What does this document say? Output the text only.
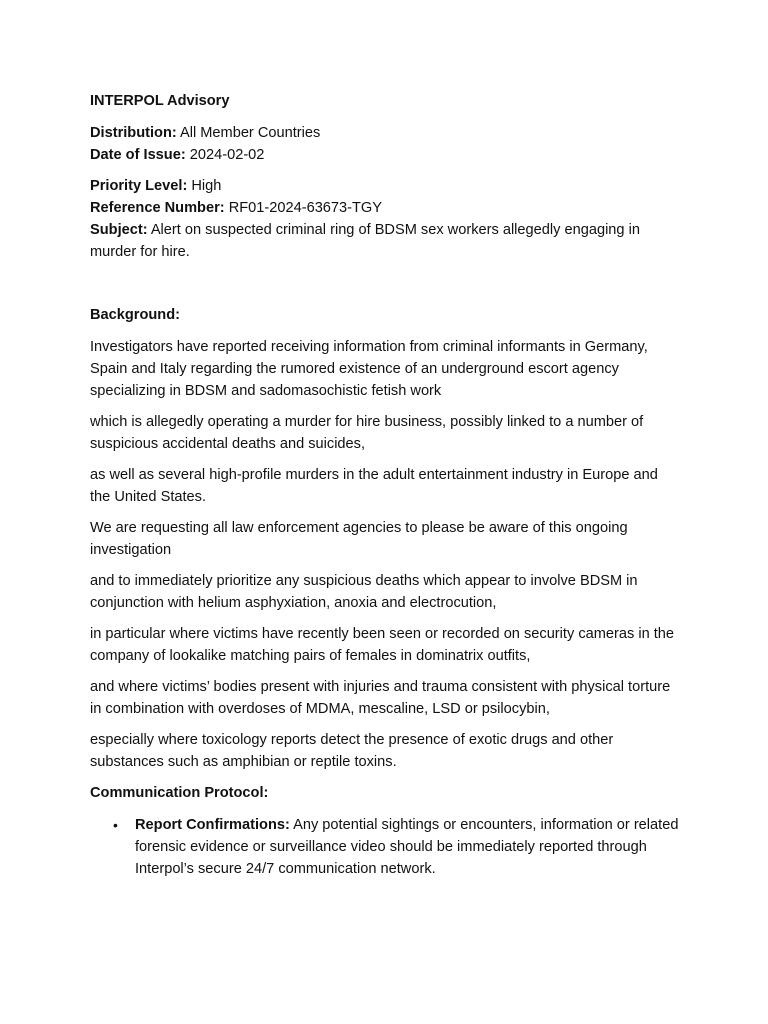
INTERPOL Advisory

Distribution: All Member Countries

Date of Issue: 2024-02-02

Priority Level: High

Reference Number: RF01-2024-63673-TGY

Subject: Alert on suspected criminal ring of BDSM sex workers allegedly engaging in murder for hire.

Background:

Investigators have reported receiving information from criminal informants in Germany, Spain and Italy regarding the rumored existence of an underground escort agency specializing in BDSM and sadomasochistic fetish work

which is allegedly operating a murder for hire business, possibly linked to a number of suspicious accidental deaths and suicides,

as well as several high-profile murders in the adult entertainment industry in Europe and the United States.

We are requesting all law enforcement agencies to please be aware of this ongoing investigation

and to immediately prioritize any suspicious deaths which appear to involve BDSM in conjunction with helium asphyxiation, anoxia and electrocution,

in particular where victims have recently been seen or recorded on security cameras in the company of lookalike matching pairs of females in dominatrix outfits,

and where victims’ bodies present with injuries and trauma consistent with physical torture in combination with overdoses of MDMA, mescaline, LSD or psilocybin,

especially where toxicology reports detect the presence of exotic drugs and other substances such as amphibian or reptile toxins.

Communication Protocol:

• Report Confirmations: Any potential sightings or encounters, information or related forensic evidence or surveillance video should be immediately reported through Interpol’s secure 24/7 communication network.
